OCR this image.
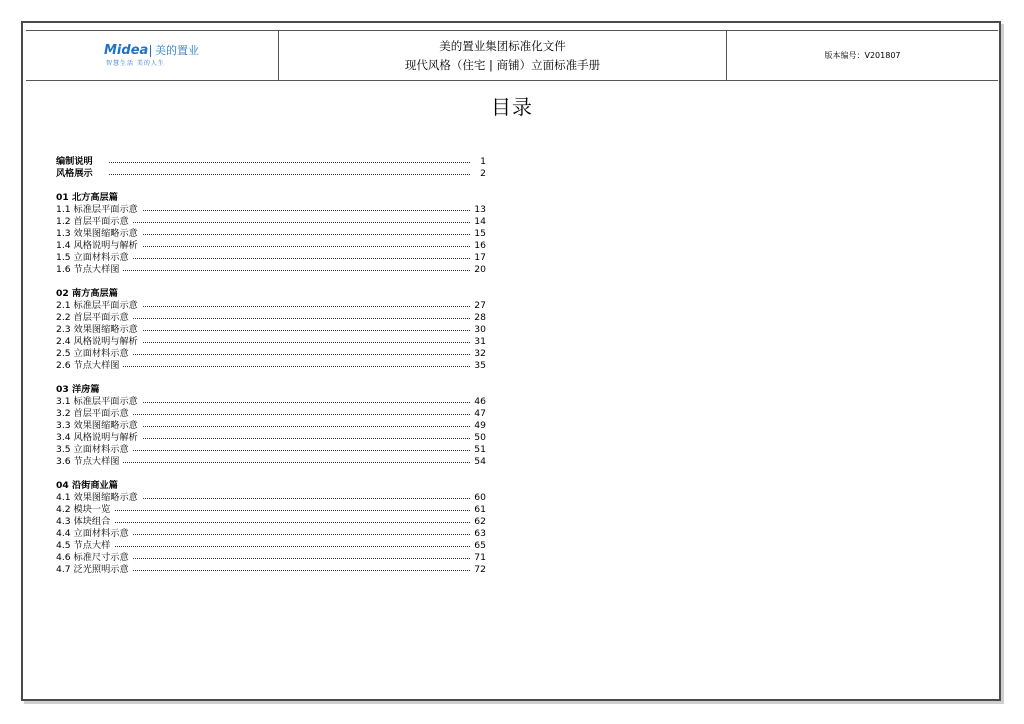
Midea 美的置业
智慧生活 美的人生
美的置业集团标准化文件
现代风格（住宅 | 商铺）立面标准手册
版本编号：V201807
目录
编制说明	1
风格展示	2
01 北方高层篇
1.1 标准层平面示意	13
1.2 首层平面示意	14
1.3 效果图缩略示意	15
1.4 风格说明与解析	16
1.5 立面材料示意	17
1.6 节点大样图	20
02 南方高层篇
2.1 标准层平面示意	27
2.2 首层平面示意	28
2.3 效果图缩略示意	30
2.4 风格说明与解析	31
2.5 立面材料示意	32
2.6 节点大样图	35
03 洋房篇
3.1 标准层平面示意	46
3.2 首层平面示意	47
3.3 效果图缩略示意	49
3.4 风格说明与解析	50
3.5 立面材料示意	51
3.6 节点大样图	54
04 沿街商业篇
4.1 效果图缩略示意	60
4.2 模块一览	61
4.3 体块组合	62
4.4 立面材料示意	63
4.5 节点大样	65
4.6 标准尺寸示意	71
4.7 泛光照明示意	72
